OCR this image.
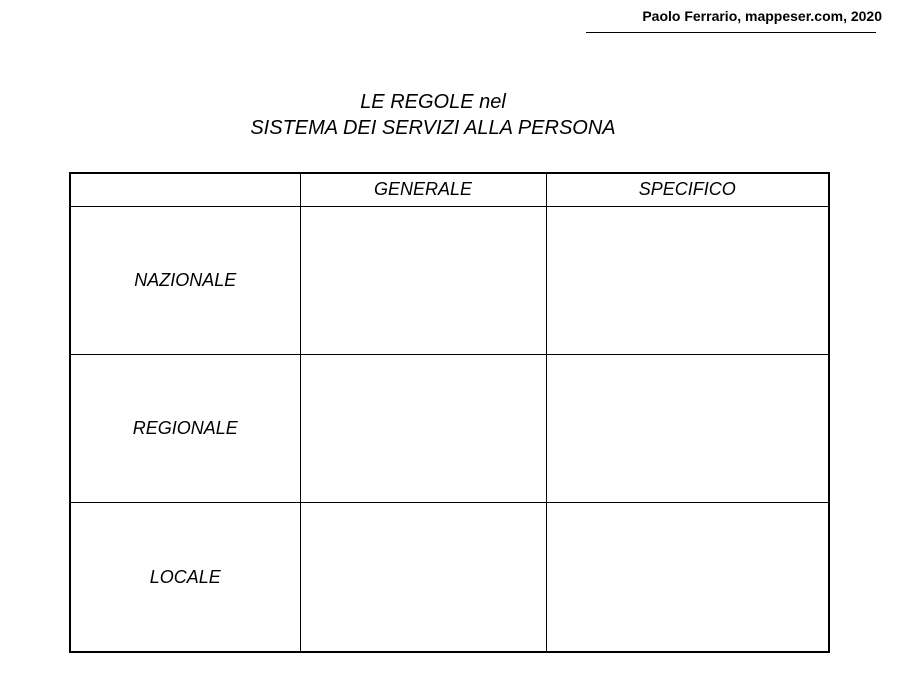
Paolo Ferrario, mappeser.com, 2020
LE REGOLE nel
SISTEMA DEI SERVIZI ALLA PERSONA
	GENERALE	SPECIFICO
NAZIONALE		
REGIONALE		
LOCALE		
